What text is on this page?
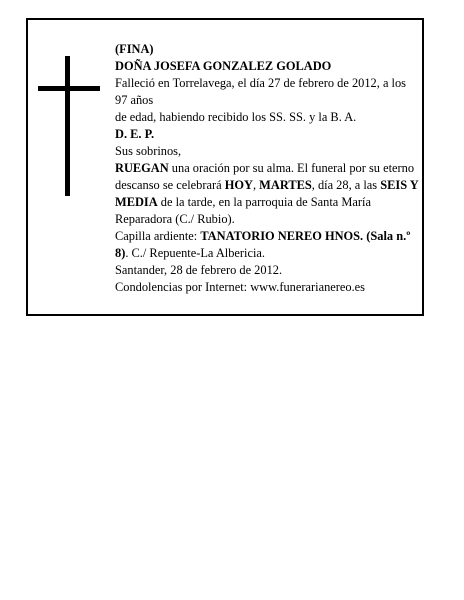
(FINA)

DOÑA JOSEFA GONZALEZ GOLADO

Falleció en Torrelavega, el día 27 de febrero de 2012, a los 97 años

de edad, habiendo recibido los SS. SS. y la B. A.

D. E. P.

Sus sobrinos,

RUEGAN una oración por su alma. El funeral por su eterno descanso se celebrará HOY, MARTES, día 28, a las SEIS Y MEDIA de la tarde, en la parroquia de Santa María Reparadora (C./ Rubio).

Capilla ardiente: TANATORIO NEREO HNOS. (Sala n.º 8). C./ Repuente-La Albericia.

Santander, 28 de febrero de 2012.

Condolencias por Internet: www.funerarianereo.es
